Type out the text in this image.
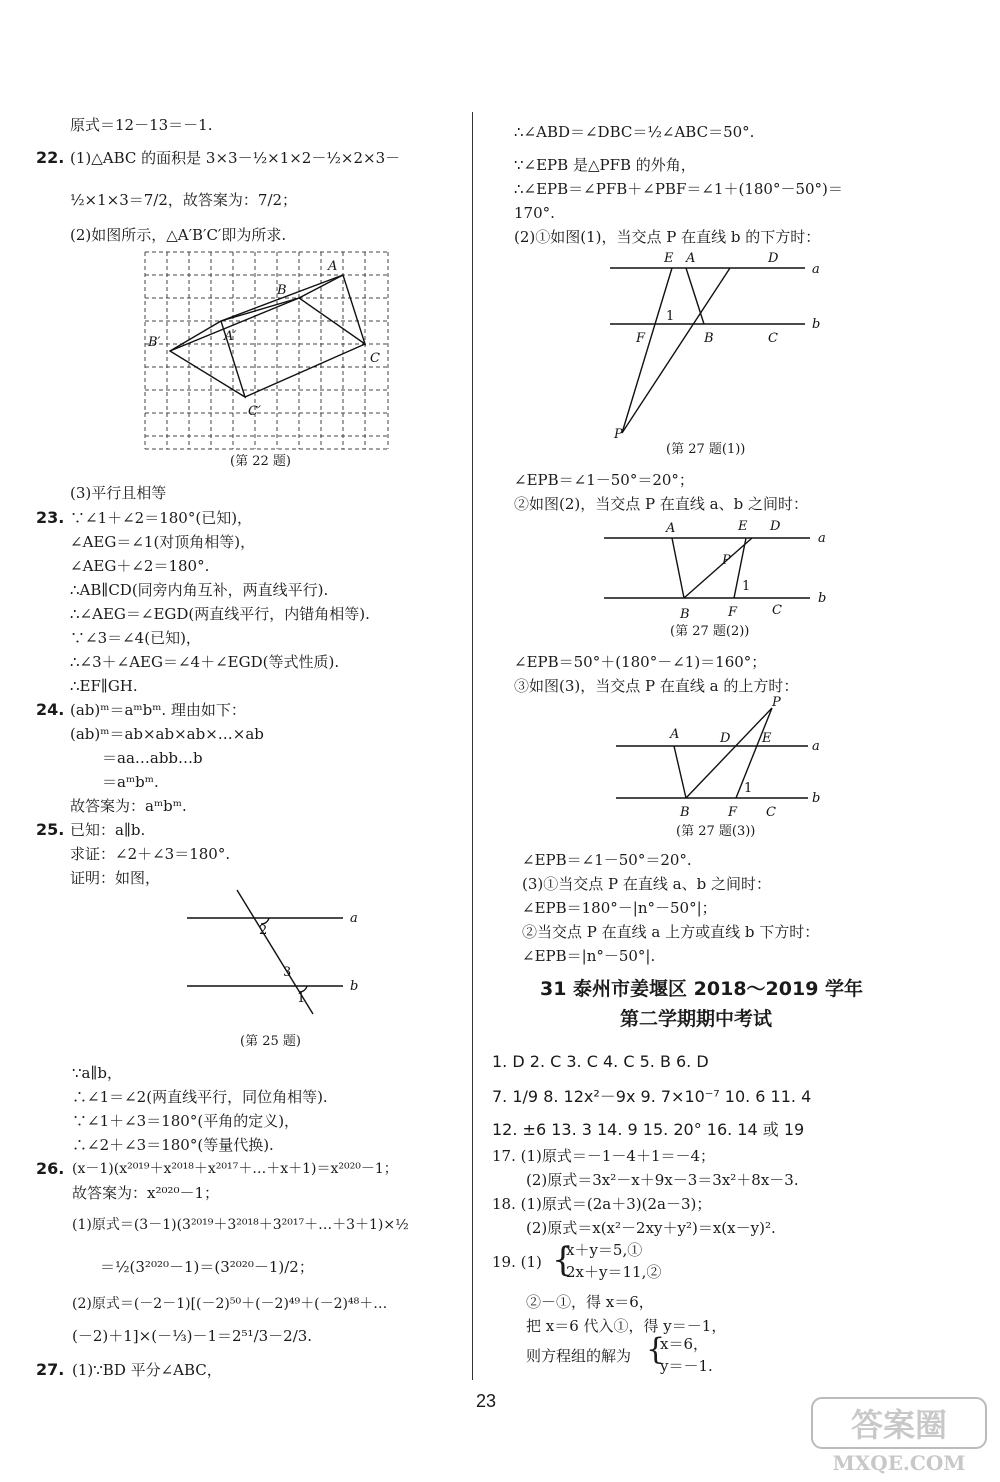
原式＝12－13＝－1.
22. (1)△ABC 的面积是 3×3－½×1×2－½×2×3－
½×1×3＝7/2，故答案为：7/2；
(2)如图所示，△A′B′C′即为所求.
A
B
C
A′
B′
C′
(第 22 题)
(3)平行且相等
23. ∵∠1＋∠2＝180°(已知)，
∠AEG＝∠1(对顶角相等)，
∠AEG＋∠2＝180°.
∴AB∥CD(同旁内角互补，两直线平行).
∴∠AEG＝∠EGD(两直线平行，内错角相等).
∵∠3＝∠4(已知)，
∴∠3＋∠AEG＝∠4＋∠EGD(等式性质).
∴EF∥GH.
24. (ab)ᵐ＝aᵐbᵐ. 理由如下：
(ab)ᵐ＝ab×ab×ab×…×ab
＝aa…abb…b
＝aᵐbᵐ.
故答案为：aᵐbᵐ.
25. 已知：a∥b.
求证：∠2＋∠3＝180°.
证明：如图，
2
3
1
a
b
(第 25 题)
∵a∥b，
∴∠1＝∠2(两直线平行，同位角相等).
∵∠1＋∠3＝180°(平角的定义)，
∴∠2＋∠3＝180°(等量代换).
26. (x－1)(x²⁰¹⁹＋x²⁰¹⁸＋x²⁰¹⁷＋…＋x＋1)＝x²⁰²⁰－1；
故答案为：x²⁰²⁰－1；
(1)原式＝(3－1)(3²⁰¹⁹＋3²⁰¹⁸＋3²⁰¹⁷＋…＋3＋1)×½
＝½(3²⁰²⁰－1)＝(3²⁰²⁰－1)/2；
(2)原式＝(－2－1)[(－2)⁵⁰＋(－2)⁴⁹＋(－2)⁴⁸＋…
(－2)＋1]×(－⅓)－1＝2⁵¹/3－2/3.
27. (1)∵BD 平分∠ABC，
∴∠ABD＝∠DBC＝½∠ABC＝50°.
∵∠EPB 是△PFB 的外角，
∴∠EPB＝∠PFB＋∠PBF＝∠1＋(180°－50°)＝
170°.
(2)①如图(1)，当交点 P 在直线 b 的下方时：
E A	D
a
b
F	B	C
P
1
(第 27 题(1))
∠EPB＝∠1－50°＝20°；
②如图(2)，当交点 P 在直线 a、b 之间时：
A	E D
a
b
P
B	F	C
1
(第 27 题(2))
∠EPB＝50°＋(180°－∠1)＝160°；
③如图(3)，当交点 P 在直线 a 的上方时：
P
A	D E
a
b
B	F C
1
(第 27 题(3))
∠EPB＝∠1－50°＝20°.
(3)①当交点 P 在直线 a、b 之间时：
∠EPB＝180°－|n°－50°|；
②当交点 P 在直线 a 上方或直线 b 下方时：
∠EPB＝|n°－50°|.
31 泰州市姜堰区 2018～2019 学年
第二学期期中考试
1. D 2. C 3. C 4. C 5. B 6. D
7. 1/9 8. 12x²－9x 9. 7×10⁻⁷ 10. 6 11. 4
12. ±6 13. 3 14. 9 15. 20° 16. 14 或 19
17. (1)原式＝－1－4＋1＝－4；
(2)原式＝3x²－x＋9x－3＝3x²＋8x－3.
18. (1)原式＝(2a＋3)(2a－3)；
(2)原式＝x(x²－2xy＋y²)＝x(x－y)².
19. (1) {
x＋y＝5,①
2x＋y＝11,②
②－①，得 x＝6，
把 x＝6 代入①，得 y＝－1，
则方程组的解为 {
x＝6，
y＝－1.
23
答案圈
MXQE.COM
